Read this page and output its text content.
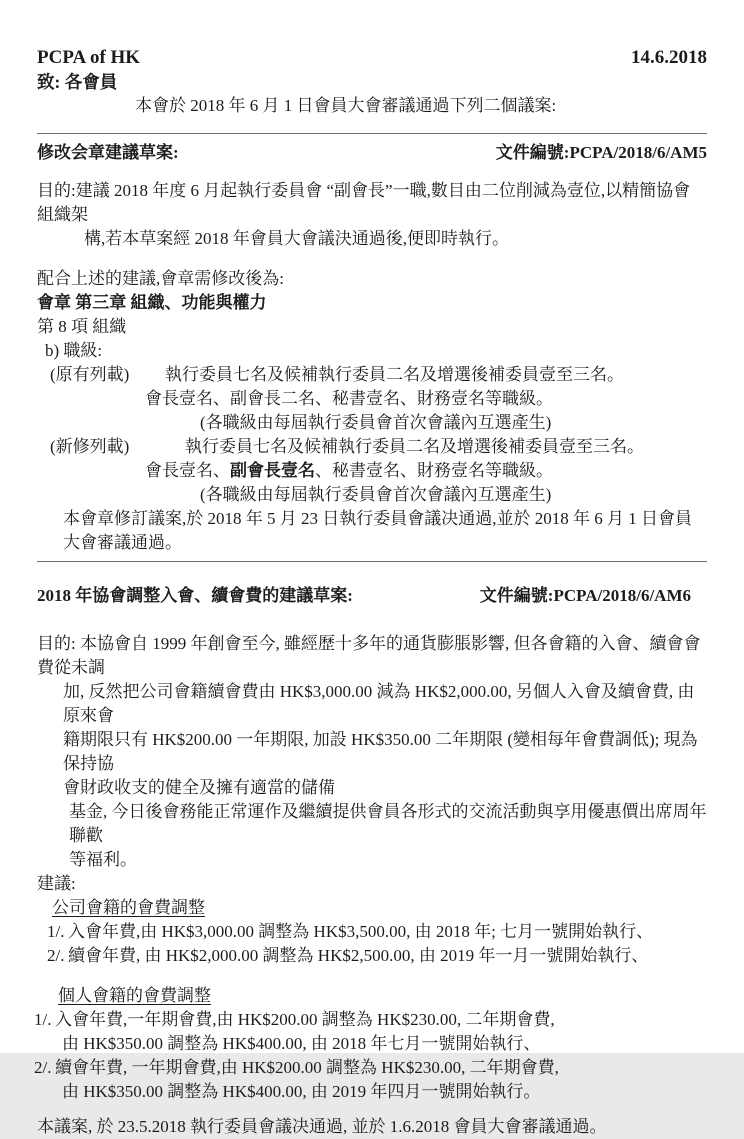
PCPA of HK	14.6.2018
致: 各會員
本會於 2018 年 6 月 1 日會員大會審議通過下列二個議案:
修改会章建議草案:	文件編號:PCPA/2018/6/AM5
目的:建議 2018 年度 6 月起執行委員會 “副會長”一職,數目由二位削減為壹位,以精簡協會組織架
構,若本草案經 2018 年會員大會議決通過後,便即時執行。
配合上述的建議,會章需修改後為:
會章 第三章 組織、功能與權力
第 8 項 組織
b) 職級:
(原有列載)	執行委員七名及候補執行委員二名及增選後補委員壹至三名。
會長壹名、副會長二名、秘書壹名、財務壹名等職級。
(各職級由每屆執行委員會首次會議內互選產生)
(新修列載)	執行委員七名及候補執行委員二名及增選後補委員壹至三名。
會長壹名、副會長壹名、秘書壹名、財務壹名等職級。
(各職級由每屆執行委員會首次會議內互選產生)
本會章修訂議案,於 2018 年 5 月 23 日執行委員會議决通過,並於 2018 年 6 月 1 日會員
大會審議通過。
2018 年協會調整入會、續會費的建議草案:	文件編號:PCPA/2018/6/AM6
目的: 本協會自 1999 年創會至今, 雖經歷十多年的通貨膨脹影響, 但各會籍的入會、續會會費從未調
加, 反然把公司會籍續會費由 HK$3,000.00 減為 HK$2,000.00, 另個人入會及續會費, 由原來會
籍期限只有 HK$200.00 一年期限, 加設 HK$350.00 二年期限 (變相每年會費調低); 現為保持協
會財政收支的健全及擁有適當的儲備
基金, 今日後會務能正常運作及繼續提供會員各形式的交流活動與享用優惠價出席周年聯歡
等福利。
建議:
公司會籍的會費調整
1/. 入會年費,由 HK$3,000.00 調整為 HK$3,500.00, 由 2018 年; 七月一號開始執行、
2/. 續會年費, 由 HK$2,000.00 調整為 HK$2,500.00, 由 2019 年一月一號開始執行、
個人會籍的會費調整
1/. 入會年費,一年期會費,由 HK$200.00 調整為 HK$230.00, 二年期會費,
由 HK$350.00 調整為 HK$400.00, 由 2018 年七月一號開始執行、
2/. 續會年費, 一年期會費,由 HK$200.00 調整為 HK$230.00, 二年期會費,
由 HK$350.00 調整為 HK$400.00, 由 2019 年四月一號開始執行。
本議案, 於 23.5.2018 執行委員會議决通過, 並於 1.6.2018 會員大會審議通過。
